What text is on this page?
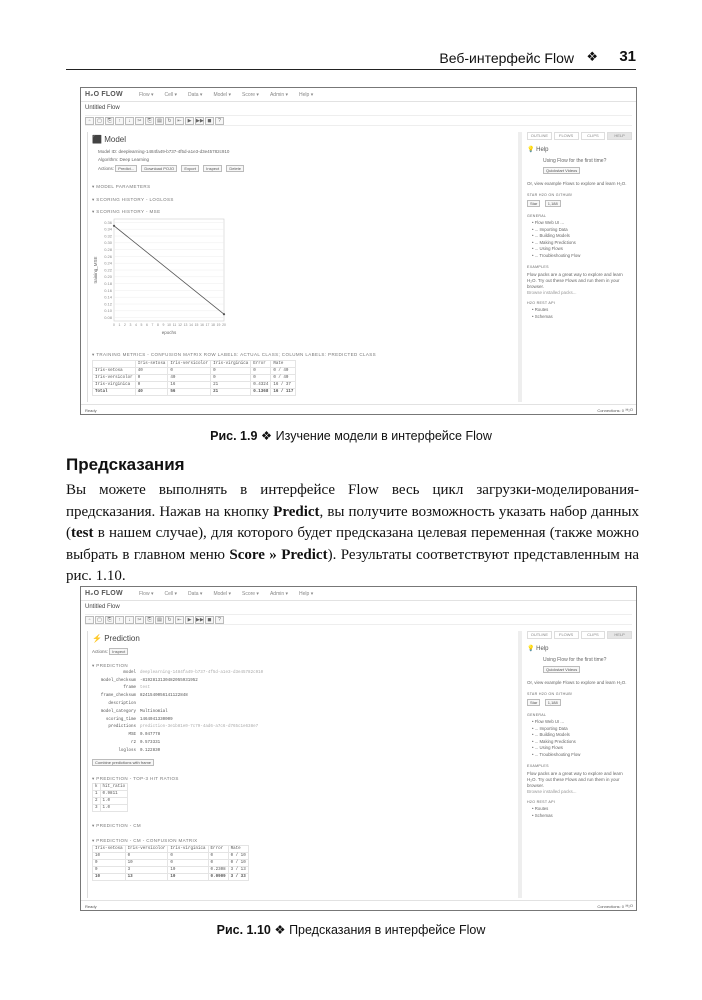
Веб-интерфейс Flow ❖ 31
H₂O FLOW	Flow ▾ Cell ▾ Data ▾ Model ▾ Score ▾ Admin ▾ Help ▾
Untitled Flow
▫	▢	⎘	↑	↓	✂	⎘	▤	↻	⇤	▶ ▶▶ ◼	?
⬛ Model
Model ID: deeplearning-1484fa49-b737-4f5d-a1e3-d3e45782c910
Algorithm: Deep Learning
Actions: Predict...	Download POJO	Export	Inspect	Delete
▾ MODEL PARAMETERS
▾ SCORING HISTORY - LOGLOSS
▾ SCORING HISTORY - MSE
0.36
0.34
0.32
0.30
0.28
0.26
0.24
0.22
0.20
0.18
0.16
0.14
0.12
0.10
0.08
0 1 2 3 4 5 6 7 8 9 10 11 12 13 14 15 16 17 18 19 20
epochs
training_MSE
▾ TRAINING METRICS - CONFUSION MATRIX ROW LABELS: ACTUAL CLASS; COLUMN LABELS: PREDICTED CLASS
	Iris-setosa	Iris-versicolor	Iris-virginica	Error	Rate
Iris-setosa	40	0	0	0	0 / 40
Iris-versicolor	0	40	0	0	0 / 40
Iris-virginica	0	16	21	0.4324	16 / 37
Total	40	56	21	0.1368	16 / 117
OUTLINE	FLOWS	CLIPS	HELP
💡 Help
Using Flow for the first time?
Quickstart Videos
Or, view example Flows to explore and learn H₂O.
STAR H2O ON GITHUB!
Star	1,188
GENERAL
• Flow Web UI ...
• ... Importing Data
• ... Building Models
• ... Making Predictions
• ... Using Flows
• ... Troubleshooting Flow
EXAMPLES
Flow packs are a great way to explore and learn H₂O. Try out these Flows and run them in your browser.
Browse installed packs...
H2O REST API
• Routes
• Schemas
Ready	Connections: 0 H₂O
Рис. 1.9 ❖ Изучение модели в интерфейсе Flow
Предсказания
Вы можете выполнять в интерфейсе Flow весь цикл загрузки-моделирования-предсказания. Нажав на кнопку Predict, вы получите возможность указать набор данных (test в нашем случае), для которого будет предсказана целевая переменная (также можно выбрать в главном меню Score » Predict). Результаты соответствуют представленным на рис. 1.10.
H₂O FLOW	Flow ▾ Cell ▾ Data ▾ Model ▾ Score ▾ Admin ▾ Help ▾
Untitled Flow
▫	▢	⎘	↑	↓	✂	⎘	▤	↻	⇤	▶ ▶▶ ◼	?
⚡ Prediction
Actions: Inspect
▾ PREDICTION
model	deeplearning-1484fa49-b737-4f5d-a1e3-d3e45782c910
model_checksum	-8192813130482055931952
frame	test
frame_checksum	8241540056141122848
description	
model_category	Multinomial
scoring_time	1464041330009
predictions	prediction-3e1b81e0-7c79-4ad6-a7c6-d765c1e638e7
MSE	0.047778
r2	0.573331
logloss	0.122830
Combine predictions with frame
▾ PREDICTION - TOP-3 HIT RATIOS
k	hit_ratio
1	0.9811
2	1.0
3	1.0
▾ PREDICTION - CM
▾ PREDICTION - CM - CONFUSION MATRIX
Iris-setosa	Iris-versicolor	Iris-virginica	Error	Rate
10	0	0	0	0 / 10
0	10	0	0	0 / 10
0	3	10	0.2308	3 / 13
10	13	10	0.0909	3 / 33
OUTLINE	FLOWS	CLIPS	HELP
💡 Help
Using Flow for the first time?
Quickstart Videos
Or, view example Flows to explore and learn H₂O.
STAR H2O ON GITHUB!
Star	1,188
GENERAL
• Flow Web UI ...
• ... Importing Data
• ... Building Models
• ... Making Predictions
• ... Using Flows
• ... Troubleshooting Flow
EXAMPLES
Flow packs are a great way to explore and learn H₂O. Try out these Flows and run them in your browser.
Browse installed packs...
H2O REST API
• Routes
• Schemas
Ready	Connections: 0 H₂O
Рис. 1.10 ❖ Предсказания в интерфейсе Flow
